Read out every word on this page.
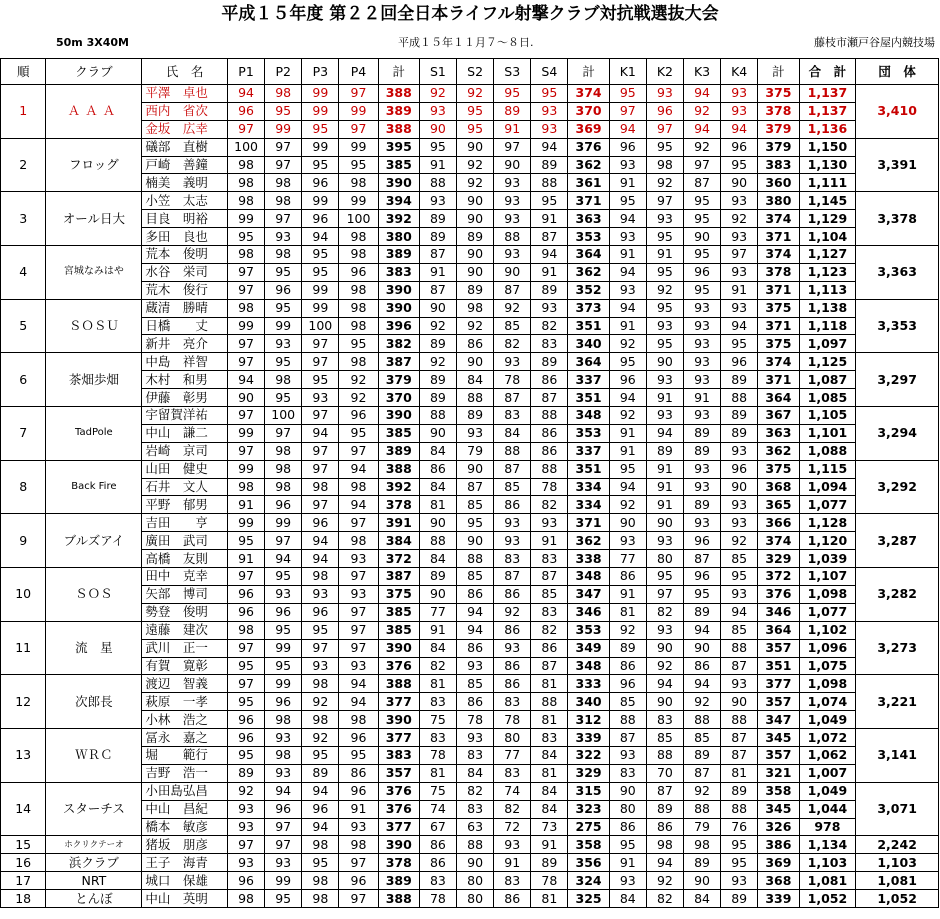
平成１５年度 第２２回全日本ライフル射撃クラブ対抗戦選抜大会
50m 3X40M	平成１５年１１月７～８日.	藤枝市瀬戸谷屋内競技場
順	クラブ	氏　名	P1	P2	P3	P4	計	S1	S2	S3	S4	計	K1	K2	K3	K4	計	合　計	団　体
		平澤　卓也	94	98	99	97	388	92	92	95	95	374	95	93	94	93	375	1,137	
1	ＡＡＡ	西内　省次	96	95	99	99	389	93	95	89	93	370	97	96	92	93	378	1,137	3,410
		金坂　広幸	97	99	95	97	388	90	95	91	93	369	94	97	94	94	379	1,136	
		礒部　直樹	100	97	99	99	395	95	90	97	94	376	96	95	92	96	379	1,150	
2	フロッグ	戸崎　善鐘	98	97	95	95	385	91	92	90	89	362	93	98	97	95	383	1,130	3,391
		楠美　義明	98	98	96	98	390	88	92	93	88	361	91	92	87	90	360	1,111	
		小笠　太志	98	98	99	99	394	93	90	93	95	371	95	97	95	93	380	1,145	
3	オール日大	目良　明裕	99	97	96	100	392	89	90	93	91	363	94	93	95	92	374	1,129	3,378
		多田　良也	95	93	94	98	380	89	89	88	87	353	93	95	90	93	371	1,104	
		荒本　俊明	98	98	95	98	389	87	90	93	94	364	91	91	95	97	374	1,127	
4	宮城なみはや	水谷　栄司	97	95	95	96	383	91	90	90	91	362	94	95	96	93	378	1,123	3,363
		荒木　俊行	97	96	99	98	390	87	89	87	89	352	93	92	95	91	371	1,113	
		蔵清　勝晴	98	95	99	98	390	90	98	92	93	373	94	95	93	93	375	1,138	
5	ＳＯＳＵ	日橋　　丈	99	99	100	98	396	92	92	85	82	351	91	93	93	94	371	1,118	3,353
		新井　亮介	97	93	97	95	382	89	86	82	83	340	92	95	93	95	375	1,097	
		中島　祥智	97	95	97	98	387	92	90	93	89	364	95	90	93	96	374	1,125	
6	茶畑歩畑	木村　和男	94	98	95	92	379	89	84	78	86	337	96	93	93	89	371	1,087	3,297
		伊藤　彰男	90	95	93	92	370	89	88	87	87	351	94	91	91	88	364	1,085	
		宇留賀洋祐	97	100	97	96	390	88	89	83	88	348	92	93	93	89	367	1,105	
7	TadPole	中山　謙二	99	97	94	95	385	90	93	84	86	353	91	94	89	89	363	1,101	3,294
		岩崎　京司	97	98	97	97	389	84	79	88	86	337	91	89	89	93	362	1,088	
		山田　健史	99	98	97	94	388	86	90	87	88	351	95	91	93	96	375	1,115	
8	Back Fire	石井　文人	98	98	98	98	392	84	87	85	78	334	94	91	93	90	368	1,094	3,292
		平野　郁男	91	96	97	94	378	81	85	86	82	334	92	91	89	93	365	1,077	
		吉田　　亨	99	99	96	97	391	90	95	93	93	371	90	90	93	93	366	1,128	
9	ブルズアイ	廣田　武司	95	97	94	98	384	88	90	93	91	362	93	93	96	92	374	1,120	3,287
		高橋　友則	91	94	94	93	372	84	88	83	83	338	77	80	87	85	329	1,039	
		田中　克幸	97	95	98	97	387	89	85	87	87	348	86	95	96	95	372	1,107	
10	ＳＯＳ	矢部　博司	96	93	93	93	375	90	86	86	85	347	91	97	95	93	376	1,098	3,282
		勢登　俊明	96	96	96	97	385	77	94	92	83	346	81	82	89	94	346	1,077	
		遠藤　建次	98	95	95	97	385	91	94	86	82	353	92	93	94	85	364	1,102	
11	流　星	武川　正一	97	99	97	97	390	84	86	93	86	349	89	90	90	88	357	1,096	3,273
		有賀　寛彰	95	95	93	93	376	82	93	86	87	348	86	92	86	87	351	1,075	
		渡辺　智義	97	99	98	94	388	81	85	86	81	333	96	94	94	93	377	1,098	
12	次郎長	萩原　一孝	95	96	92	94	377	83	86	83	88	340	85	90	92	90	357	1,074	3,221
		小林　浩之	96	98	98	98	390	75	78	78	81	312	88	83	88	88	347	1,049	
		冨永　嘉之	96	93	92	96	377	83	93	80	83	339	87	85	85	87	345	1,072	
13	ＷＲＣ	堀　　範行	95	98	95	95	383	78	83	77	84	322	93	88	89	87	357	1,062	3,141
		吉野　浩一	89	93	89	86	357	81	84	83	81	329	83	70	87	81	321	1,007	
		小田島弘昌	92	94	94	96	376	75	82	74	84	315	90	87	92	89	358	1,049	
14	スターチス	中山　昌紀	93	96	96	91	376	74	83	82	84	323	80	89	88	88	345	1,044	3,071
		橋本　敏彦	93	97	94	93	377	67	63	72	73	275	86	86	79	76	326	978	
15	ホクリクテーオ	猪坂　朋彦	97	97	98	98	390	86	88	93	91	358	95	98	98	95	386	1,134	2,242
16	浜クラブ	王子　海青	93	93	95	97	378	86	90	91	89	356	91	94	89	95	369	1,103	1,103
17	NRT	城口　保雄	96	99	98	96	389	83	80	83	78	324	93	92	90	93	368	1,081	1,081
18	とんぼ	中山　英明	98	95	98	97	388	78	80	86	81	325	84	82	84	89	339	1,052	1,052
